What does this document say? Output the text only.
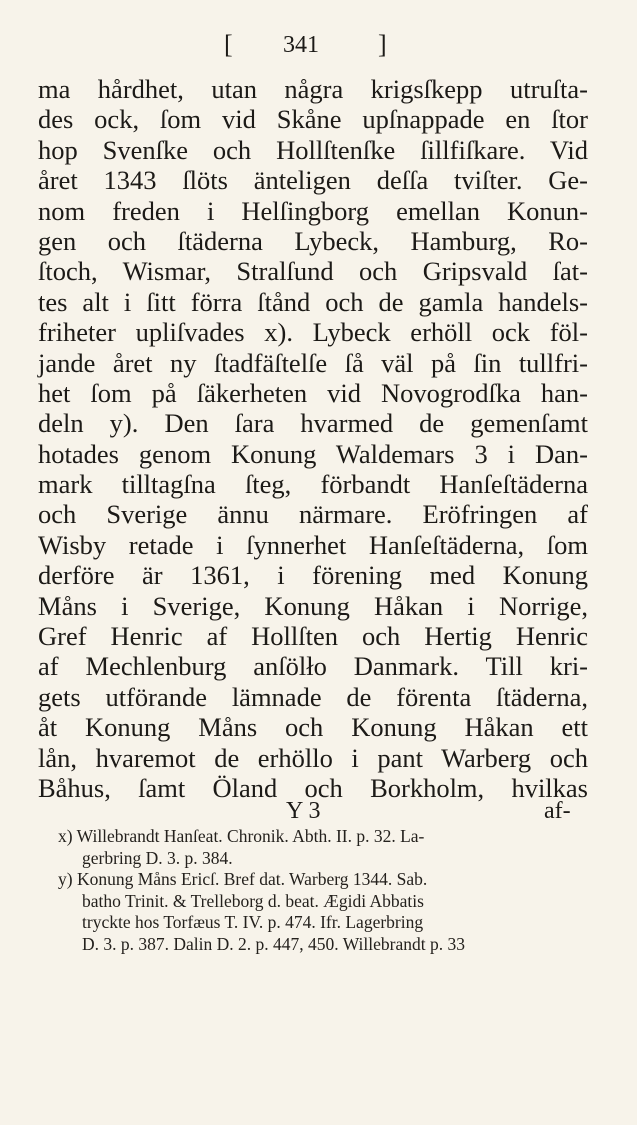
[ 341 ]
ma hårdhet, utan några krigsſkepp utruſta-
des ock, ſom vid Skåne upſnappade en ſtor
hop Svenſke och Hollſtenſke ſillfiſkare. Vid
året 1343 ſlöts änteligen deſſa tviſter. Ge-
nom freden i Helſingborg emellan Konun-
gen och ſtäderna Lybeck, Hamburg, Ro-
ſtoch, Wismar, Stralſund och Gripsvald ſat-
tes alt i ſitt förra ſtånd och de gamla handels-
friheter upliſvades x). Lybeck erhöll ock föl-
jande året ny ſtadfäſtelſe ſå väl på ſin tullfri-
het ſom på ſäkerheten vid Novogrodſka han-
deln y). Den ſara hvarmed de gemenſamt
hotades genom Konung Waldemars 3 i Dan-
mark tilltagſna ſteg, förbandt Hanſeſtäderna
och Sverige ännu närmare. Eröfringen af
Wisby retade i ſynnerhet Hanſeſtäderna, ſom
derföre är 1361, i förening med Konung
Måns i Sverige, Konung Håkan i Norrige,
Gref Henric af Hollſten och Hertig Henric
af Mechlenburg anſölło Danmark. Till kri-
gets utförande lämnade de förenta ſtäderna,
åt Konung Måns och Konung Håkan ett
lån, hvaremot de erhöllo i pant Warberg och
Båhus, ſamt Öland och Borkholm, hvilkas
Y 3	af-
x) Willebrandt Hanſeat. Chronik. Abth. II. p. 32. La-
gerbring D. 3. p. 384.
y) Konung Måns Ericſ. Bref dat. Warberg 1344. Sab.
batho Trinit. & Trelleborg d. beat. Ægidi Abbatis
tryckte hos Torfæus T. IV. p. 474. Ifr. Lagerbring
D. 3. p. 387. Dalin D. 2. p. 447, 450. Willebrandt p. 33
